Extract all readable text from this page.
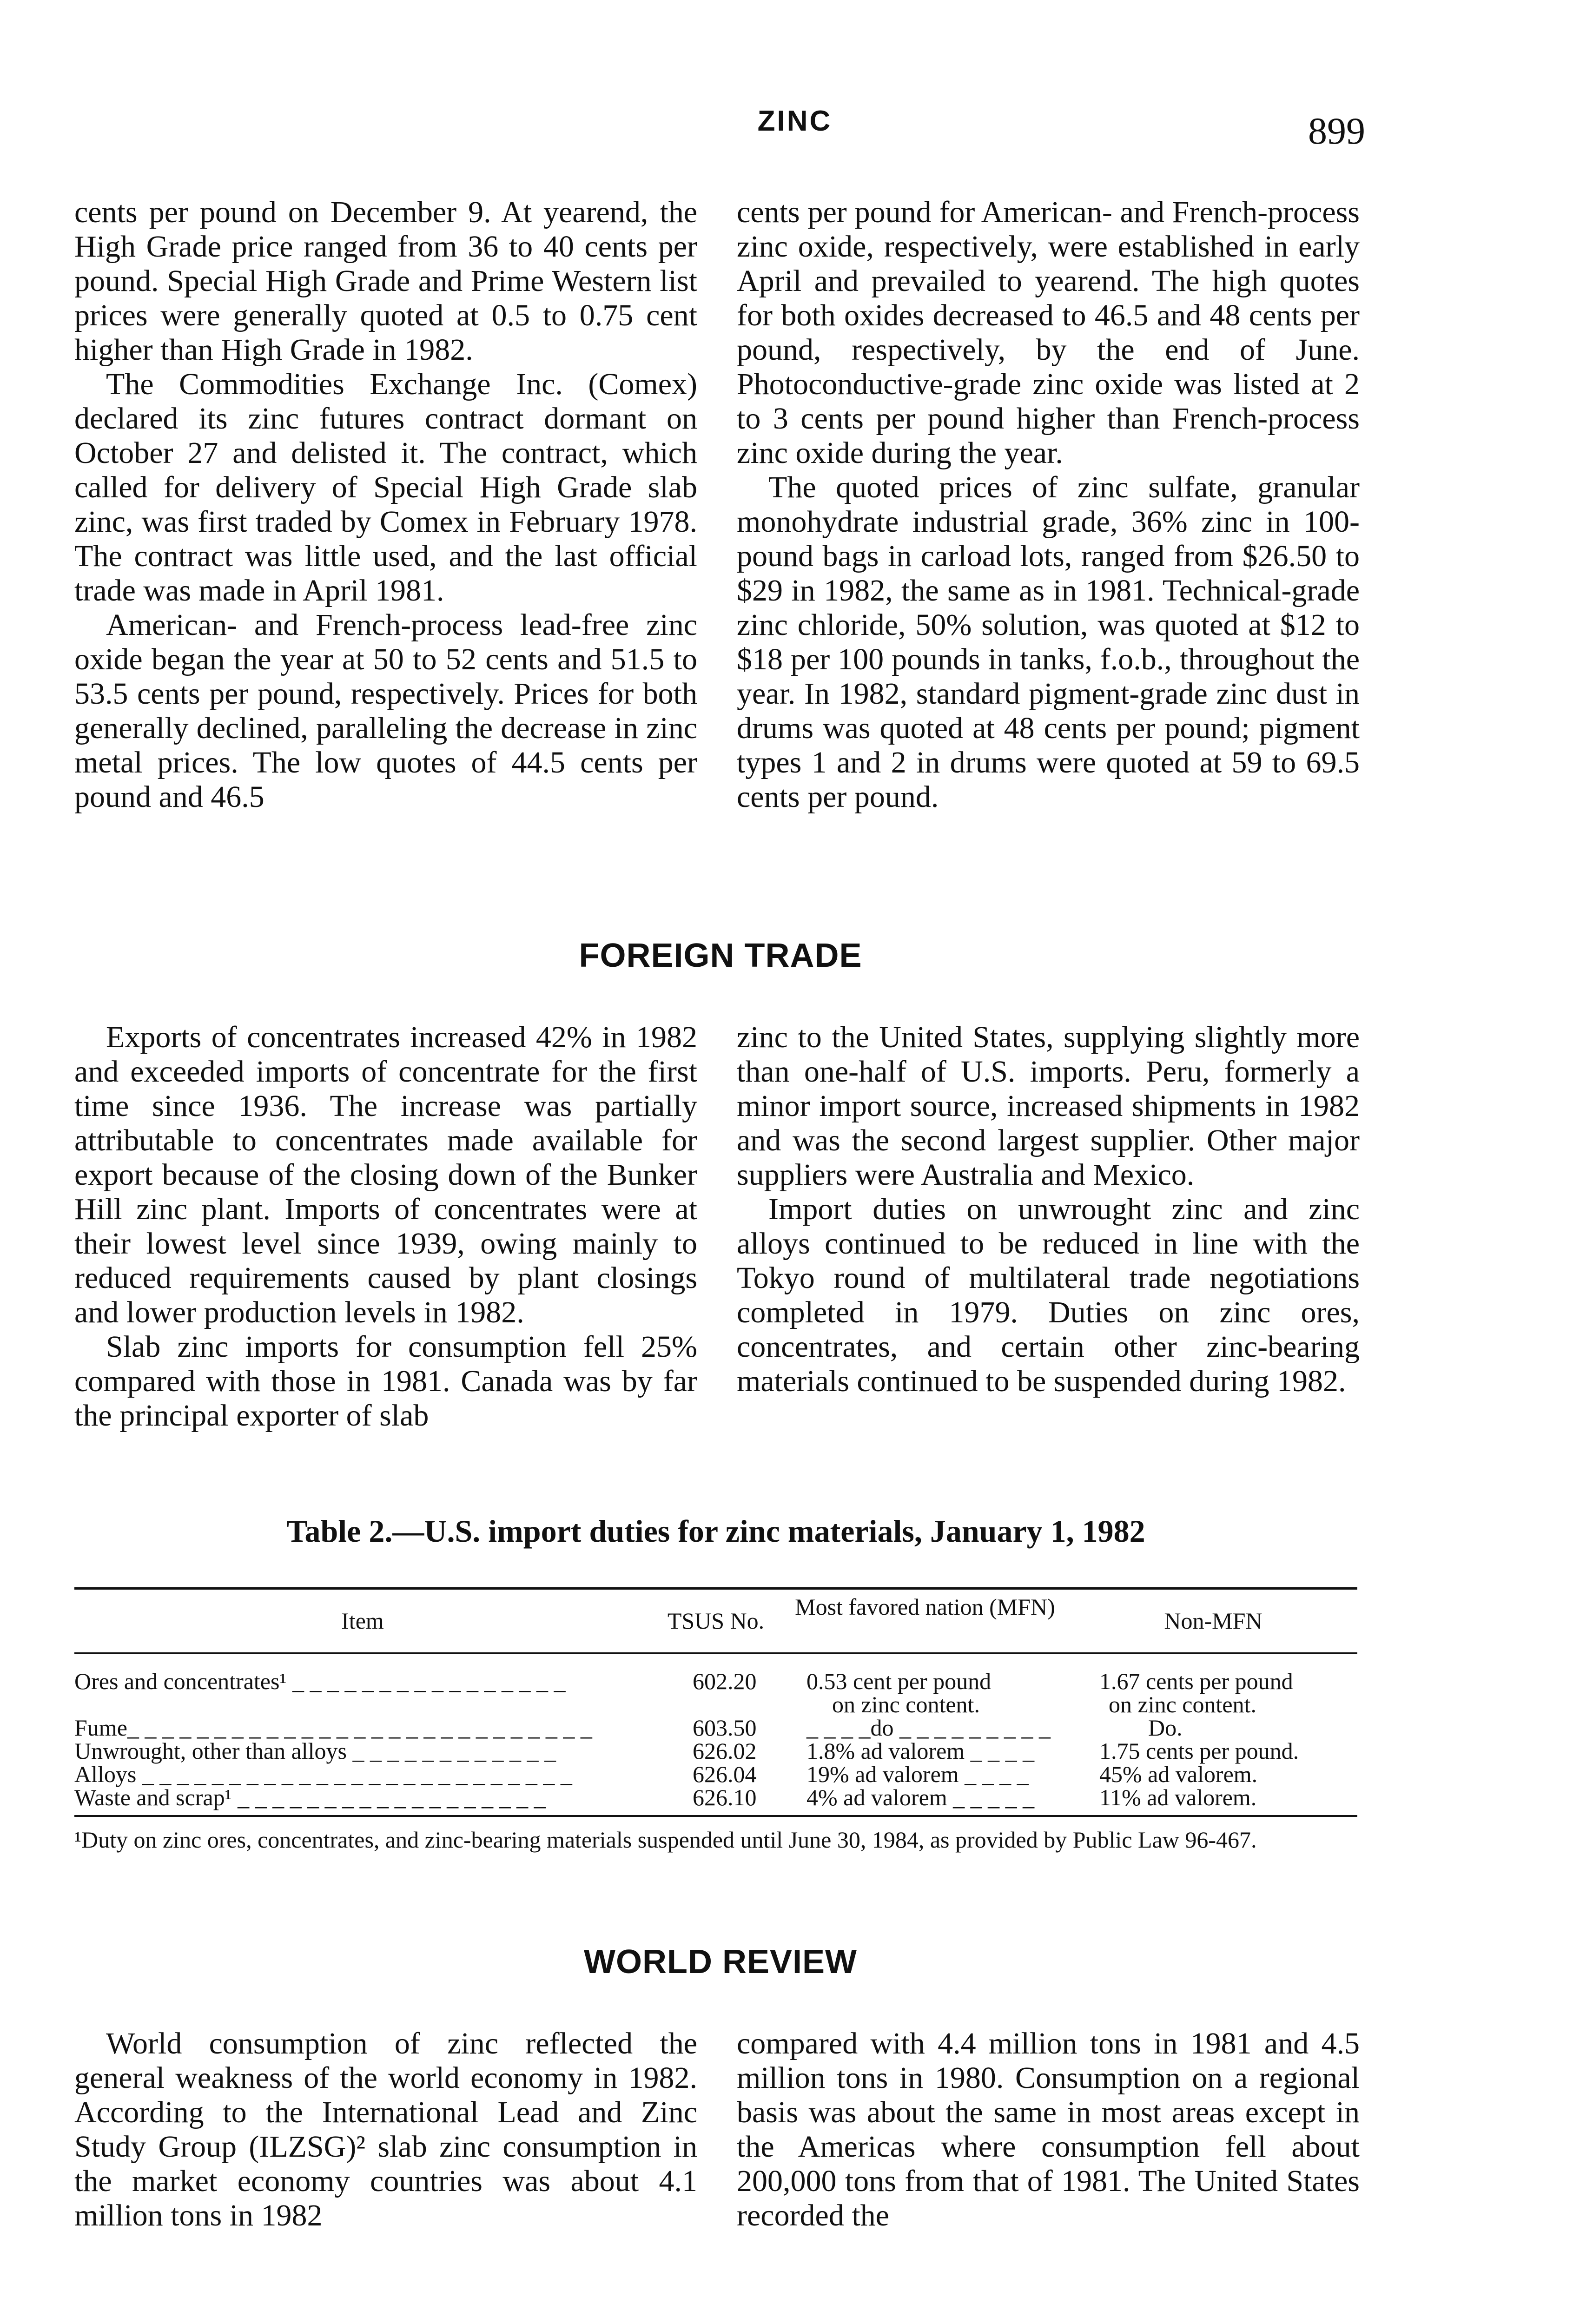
ZINC	899

cents per pound on December 9. At yearend, the High Grade price ranged from 36 to 40 cents per pound. Special High Grade and Prime Western list prices were generally quoted at 0.5 to 0.75 cent higher than High Grade in 1982.

The Commodities Exchange Inc. (Comex) declared its zinc futures contract dormant on October 27 and delisted it. The contract, which called for delivery of Special High Grade slab zinc, was first traded by Comex in February 1978. The contract was little used, and the last official trade was made in April 1981.

American- and French-process lead-free zinc oxide began the year at 50 to 52 cents and 51.5 to 53.5 cents per pound, respectively. Prices for both generally declined, paralleling the decrease in zinc metal prices. The low quotes of 44.5 cents per pound and 46.5

cents per pound for American- and French-process zinc oxide, respectively, were established in early April and prevailed to yearend. The high quotes for both oxides decreased to 46.5 and 48 cents per pound, respectively, by the end of June. Photoconductive-grade zinc oxide was listed at 2 to 3 cents per pound higher than French-process zinc oxide during the year.

The quoted prices of zinc sulfate, granular monohydrate industrial grade, 36% zinc in 100-pound bags in carload lots, ranged from $26.50 to $29 in 1982, the same as in 1981. Technical-grade zinc chloride, 50% solution, was quoted at $12 to $18 per 100 pounds in tanks, f.o.b., throughout the year. In 1982, standard pigment-grade zinc dust in drums was quoted at 48 cents per pound; pigment types 1 and 2 in drums were quoted at 59 to 69.5 cents per pound.

FOREIGN TRADE

Exports of concentrates increased 42% in 1982 and exceeded imports of concentrate for the first time since 1936. The increase was partially attributable to concentrates made available for export because of the closing down of the Bunker Hill zinc plant. Imports of concentrates were at their lowest level since 1939, owing mainly to reduced requirements caused by plant closings and lower production levels in 1982.

Slab zinc imports for consumption fell 25% compared with those in 1981. Canada was by far the principal exporter of slab

zinc to the United States, supplying slightly more than one-half of U.S. imports. Peru, formerly a minor import source, increased shipments in 1982 and was the second largest supplier. Other major suppliers were Australia and Mexico.

Import duties on unwrought zinc and zinc alloys continued to be reduced in line with the Tokyo round of multilateral trade negotiations completed in 1979. Duties on zinc ores, concentrates, and certain other zinc-bearing materials continued to be suspended during 1982.

Table 2.—U.S. import duties for zinc materials, January 1, 1982
Item	TSUS No.
Most favored nation (MFN)
Non-MFN
Ores and concentrates¹ _ _ _ _ _ _ _ _ _ _ _ _ _ _ _ _	602.20 0.53 cent per pound	1.67 cents per pound
on zinc content.	on zinc content.
Fume_ _ _ _ _ _ _ _ _ _ _ _ _ _ _ _ _ _ _ _ _ _ _ _ _ _ _	603.50 _ _ _ _do _ _ _ _ _ _ _ _ _	Do.
Unwrought, other than alloys _ _ _ _ _ _ _ _ _ _ _ _	626.02 1.8% ad valorem _ _ _ _	1.75 cents per pound.
Alloys _ _ _ _ _ _ _ _ _ _ _ _ _ _ _ _ _ _ _ _ _ _ _ _ _	626.04 19% ad valorem _ _ _ _	45% ad valorem.
Waste and scrap¹ _ _ _ _ _ _ _ _ _ _ _ _ _ _ _ _ _ _	626.10 4% ad valorem _ _ _ _ _	11% ad valorem.
¹Duty on zinc ores, concentrates, and zinc-bearing materials suspended until June 30, 1984, as provided by Public Law 96-467.
WORLD REVIEW

World consumption of zinc reflected the general weakness of the world economy in 1982. According to the International Lead and Zinc Study Group (ILZSG)² slab zinc consumption in the market economy countries was about 4.1 million tons in 1982

compared with 4.4 million tons in 1981 and 4.5 million tons in 1980. Consumption on a regional basis was about the same in most areas except in the Americas where consumption fell about 200,000 tons from that of 1981. The United States recorded the
